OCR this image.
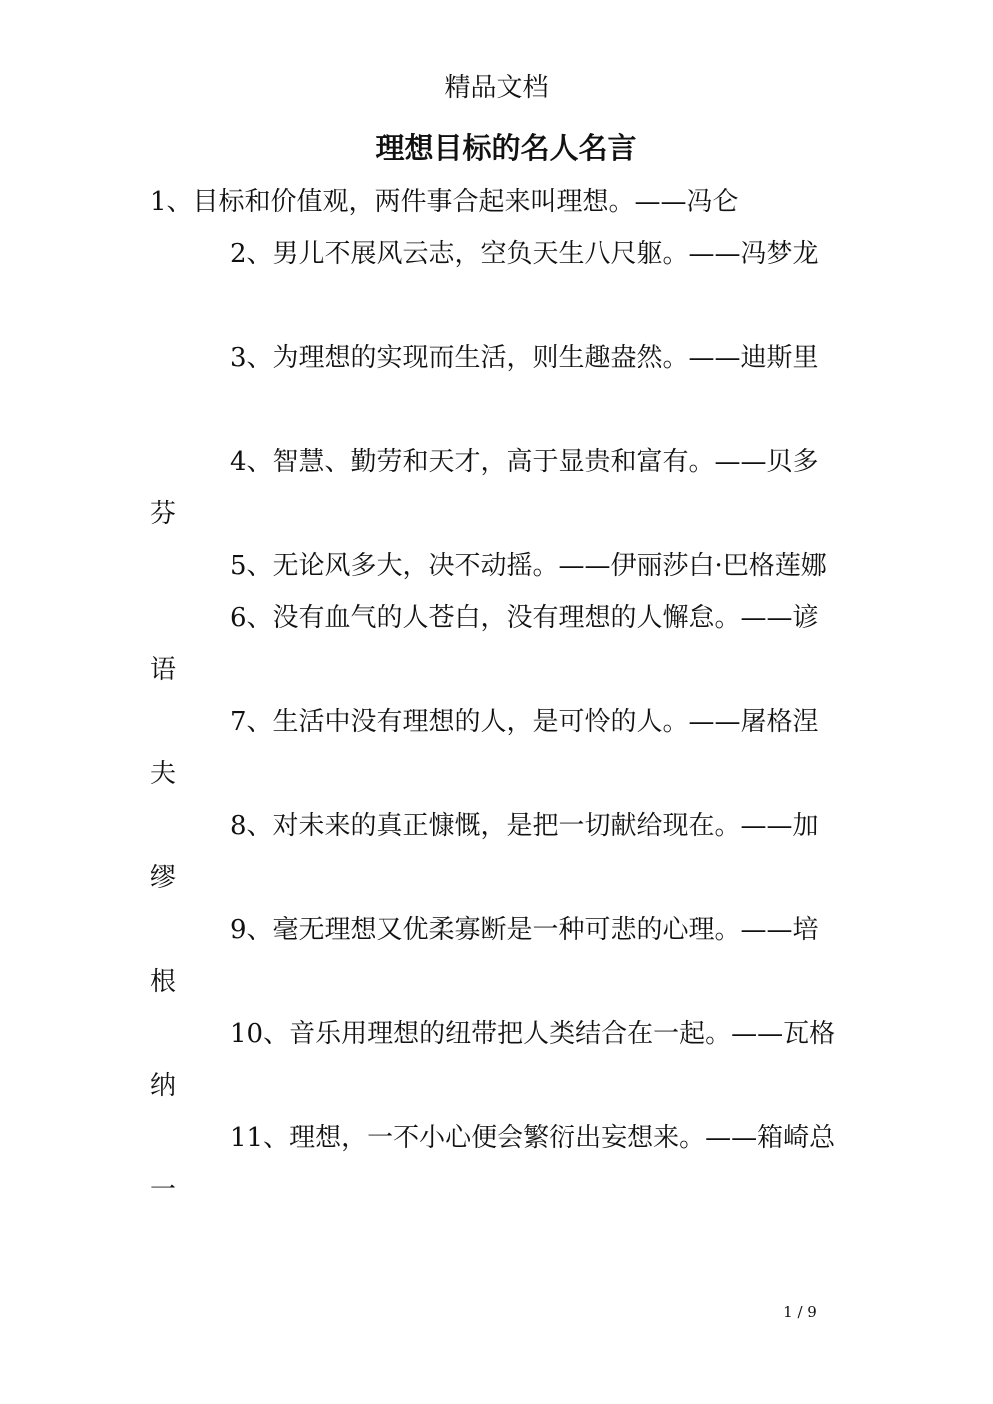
精品文档
理想目标的名人名言

1、目标和价值观，两件事合起来叫理想。——冯仑

2、男儿不展风云志，空负天生八尺躯。——冯梦龙

3、为理想的实现而生活，则生趣盎然。——迪斯里

4、智慧、勤劳和天才，高于显贵和富有。——贝多芬

5、无论风多大，决不动摇。——伊丽莎白·巴格莲娜

6、没有血气的人苍白，没有理想的人懈怠。——谚语

7、生活中没有理想的人，是可怜的人。——屠格涅夫

8、对未来的真正慷慨，是把一切献给现在。——加缪

9、毫无理想又优柔寡断是一种可悲的心理。——培根

10、音乐用理想的纽带把人类结合在一起。——瓦格纳

11、理想，一不小心便会繁衍出妄想来。——箱崎总一

1 / 9
